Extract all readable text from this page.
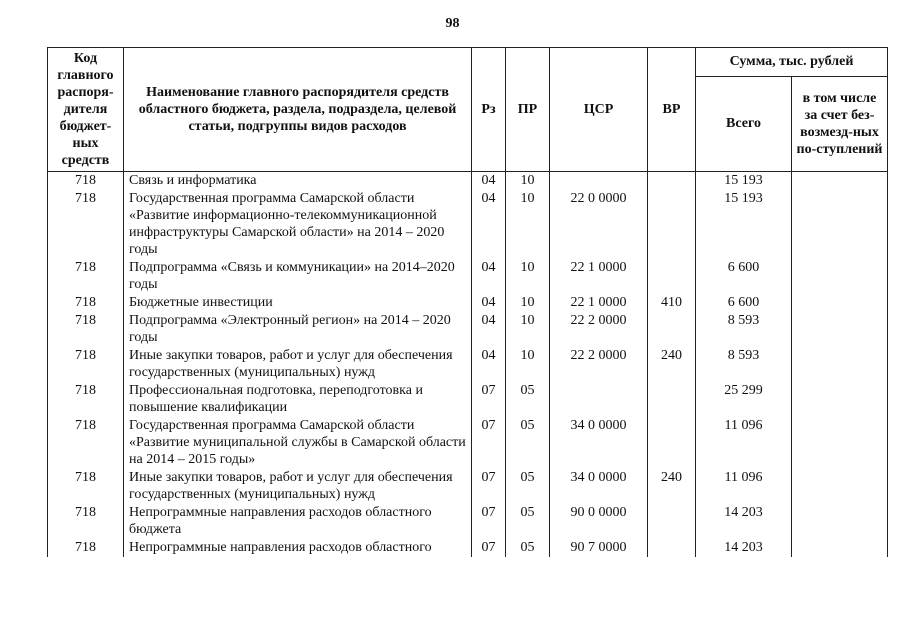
98
Код главного распоря-дителя бюджет-ных средств	Наименование главного распорядителя средств областного бюджета, раздела, подраздела, целевой статьи, подгруппы видов расходов	Рз	ПР	ЦСР	ВР	Сумма, тыс. рублей	
						Всего	в том числе за счет без-возмезд-ных по-ступлений
718	Связь и информатика	04	10			15 193	
718	Государственная программа Самарской области «Развитие информационно-телекоммуникационной инфраструктуры Самарской области» на 2014 – 2020 годы	04	10	22 0 0000		15 193	
718	Подпрограмма «Связь и коммуникации» на 2014–2020 годы	04	10	22 1 0000		6 600	
718	Бюджетные инвестиции	04	10	22 1 0000	410	6 600	
718	Подпрограмма «Электронный регион» на 2014 – 2020 годы	04	10	22 2 0000		8 593	
718	Иные закупки товаров, работ и услуг для обеспечения государственных (муниципальных) нужд	04	10	22 2 0000	240	8 593	
718	Профессиональная подготовка, переподготовка и повышение квалификации	07	05			25 299	
718	Государственная программа Самарской области «Развитие муниципальной службы в Самарской области на 2014 – 2015 годы»	07	05	34 0 0000		11 096	
718	Иные закупки товаров, работ и услуг для обеспечения государственных (муниципальных) нужд	07	05	34 0 0000	240	11 096	
718	Непрограммные направления расходов областного бюджета	07	05	90 0 0000		14 203	
718	Непрограммные направления расходов областного	07	05	90 7 0000		14 203	
